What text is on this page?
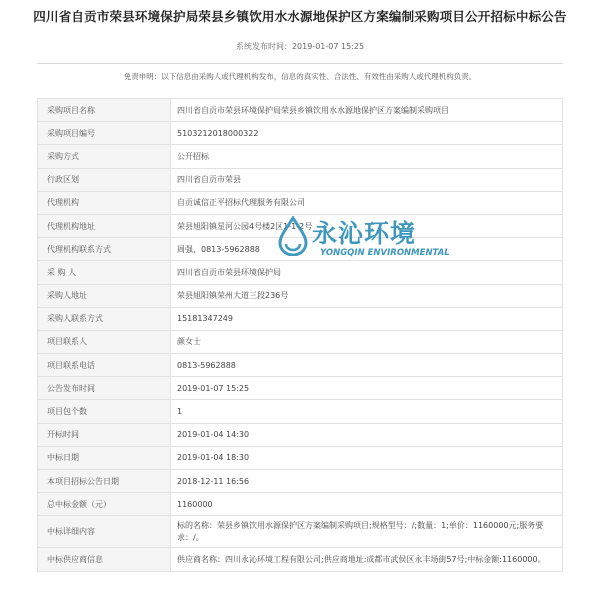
四川省自贡市荣县环境保护局荣县乡镇饮用水水源地保护区方案编制采购项目公开招标中标公告
系统发布时间：2019-01-07 15:25
免责申明：以下信息由采购人或代理机构发布，信息的真实性、合法性、有效性由采购人或代理机构负责。
采购项目名称	四川省自贡市荣县环境保护局荣县乡镇饮用水水源地保护区方案编制采购项目
采购项目编号	5103212018000322
采购方式	公开招标
行政区划	四川省自贡市荣县
代理机构	自贡诚信正平招标代理服务有限公司
代理机构地址	荣县旭阳镇星河公园4号楼2区1-1-2号
代理机构联系方式	周强，0813-5962888
采 购 人	四川省自贡市荣县环境保护局
采购人地址	荣县旭阳镇荣州大道三段236号
采购人联系方式	15181347249
项目联系人	颜女士
项目联系电话	0813-5962888
公告发布时间	2019-01-07 15:25
项目包个数	1
开标时间	2019-01-04 14:30
中标日期	2019-01-04 18:30
本项目招标公告日期	2018-12-11 16:56
总中标金额（元）	1160000
中标详细内容	标的名称：荣县乡镇饮用水源保护区方案编制采购项目;规格型号：/;数量：1;单价：1160000元;服务要求：/。
中标供应商信息	供应商名称：四川永沁环境工程有限公司;供应商地址:成都市武侯区永丰场街57号;中标金额:1160000。
永沁环境
YONGQIN ENVIRONMENTAL
